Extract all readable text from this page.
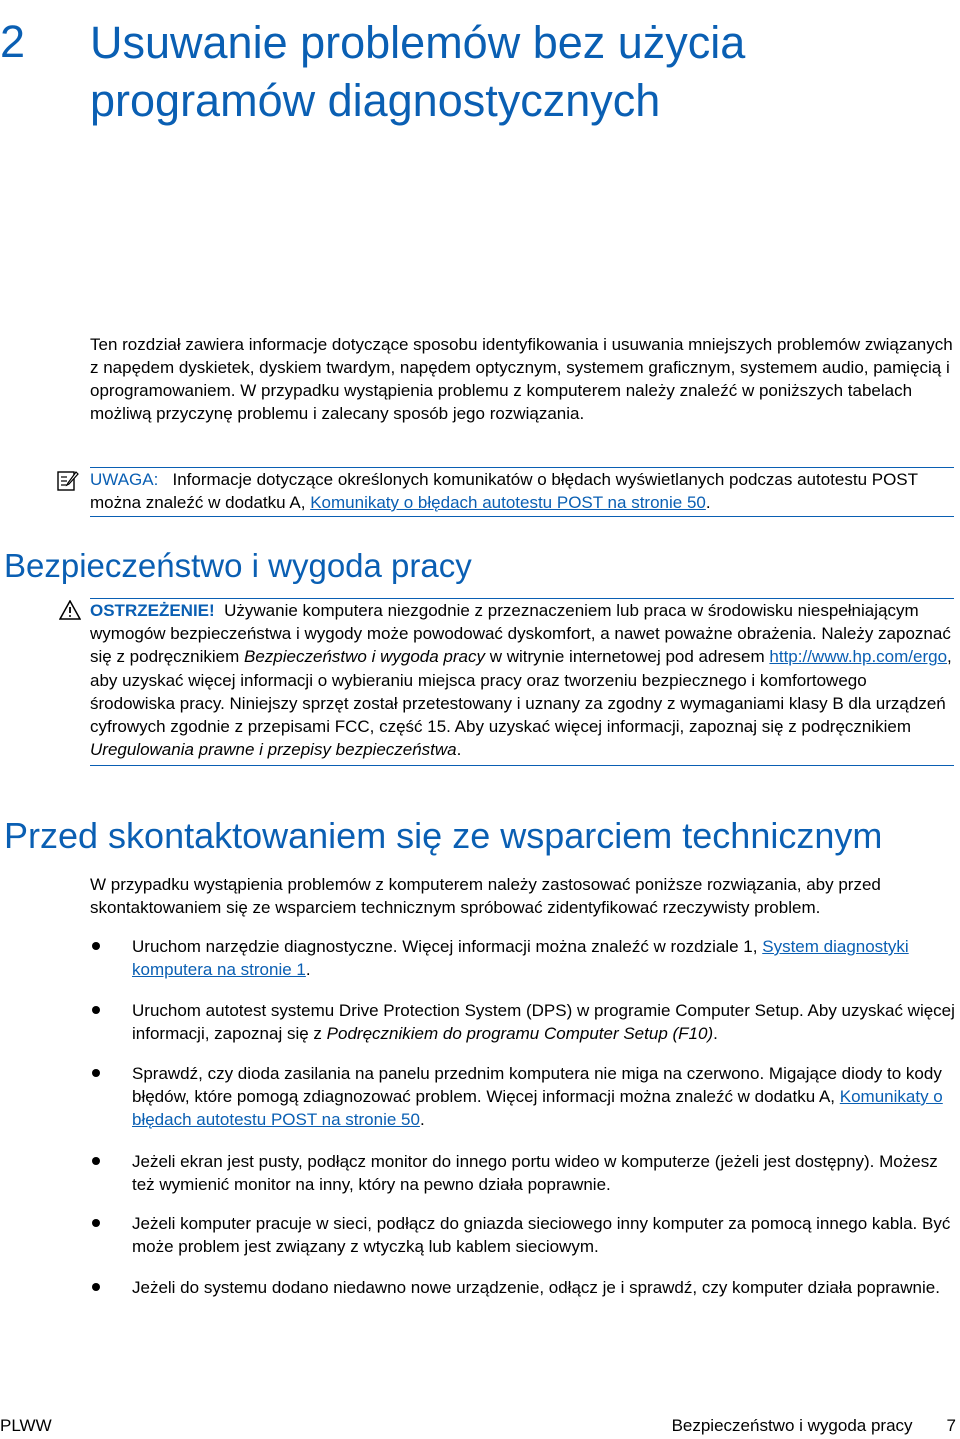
2 Usuwanie problemów bez użycia programów diagnostycznych
Ten rozdział zawiera informacje dotyczące sposobu identyfikowania i usuwania mniejszych problemów związanych z napędem dyskietek, dyskiem twardym, napędem optycznym, systemem graficznym, systemem audio, pamięcią i oprogramowaniem. W przypadku wystąpienia problemu z komputerem należy znaleźć w poniższych tabelach możliwą przyczynę problemu i zalecany sposób jego rozwiązania.
UWAGA: Informacje dotyczące określonych komunikatów o błędach wyświetlanych podczas autotestu POST można znaleźć w dodatku A, Komunikaty o błędach autotestu POST na stronie 50.
Bezpieczeństwo i wygoda pracy
OSTRZEŻENIE! Używanie komputera niezgodnie z przeznaczeniem lub praca w środowisku niespełniającym wymogów bezpieczeństwa i wygody może powodować dyskomfort, a nawet poważne obrażenia. Należy zapoznać się z podręcznikiem Bezpieczeństwo i wygoda pracy w witrynie internetowej pod adresem http://www.hp.com/ergo, aby uzyskać więcej informacji o wybieraniu miejsca pracy oraz tworzeniu bezpiecznego i komfortowego środowiska pracy. Niniejszy sprzęt został przetestowany i uznany za zgodny z wymaganiami klasy B dla urządzeń cyfrowych zgodnie z przepisami FCC, część 15. Aby uzyskać więcej informacji, zapoznaj się z podręcznikiem Uregulowania prawne i przepisy bezpieczeństwa.
Przed skontaktowaniem się ze wsparciem technicznym
W przypadku wystąpienia problemów z komputerem należy zastosować poniższe rozwiązania, aby przed skontaktowaniem się ze wsparciem technicznym spróbować zidentyfikować rzeczywisty problem.
Uruchom narzędzie diagnostyczne. Więcej informacji można znaleźć w rozdziale 1, System diagnostyki komputera na stronie 1.
Uruchom autotest systemu Drive Protection System (DPS) w programie Computer Setup. Aby uzyskać więcej informacji, zapoznaj się z Podręcznikiem do programu Computer Setup (F10).
Sprawdź, czy dioda zasilania na panelu przednim komputera nie miga na czerwono. Migające diody to kody błędów, które pomogą zdiagnozować problem. Więcej informacji można znaleźć w dodatku A, Komunikaty o błędach autotestu POST na stronie 50.
Jeżeli ekran jest pusty, podłącz monitor do innego portu wideo w komputerze (jeżeli jest dostępny). Możesz też wymienić monitor na inny, który na pewno działa poprawnie.
Jeżeli komputer pracuje w sieci, podłącz do gniazda sieciowego inny komputer za pomocą innego kabla. Być może problem jest związany z wtyczką lub kablem sieciowym.
Jeżeli do systemu dodano niedawno nowe urządzenie, odłącz je i sprawdź, czy komputer działa poprawnie.
PLWW	Bezpieczeństwo i wygoda pracy 7
